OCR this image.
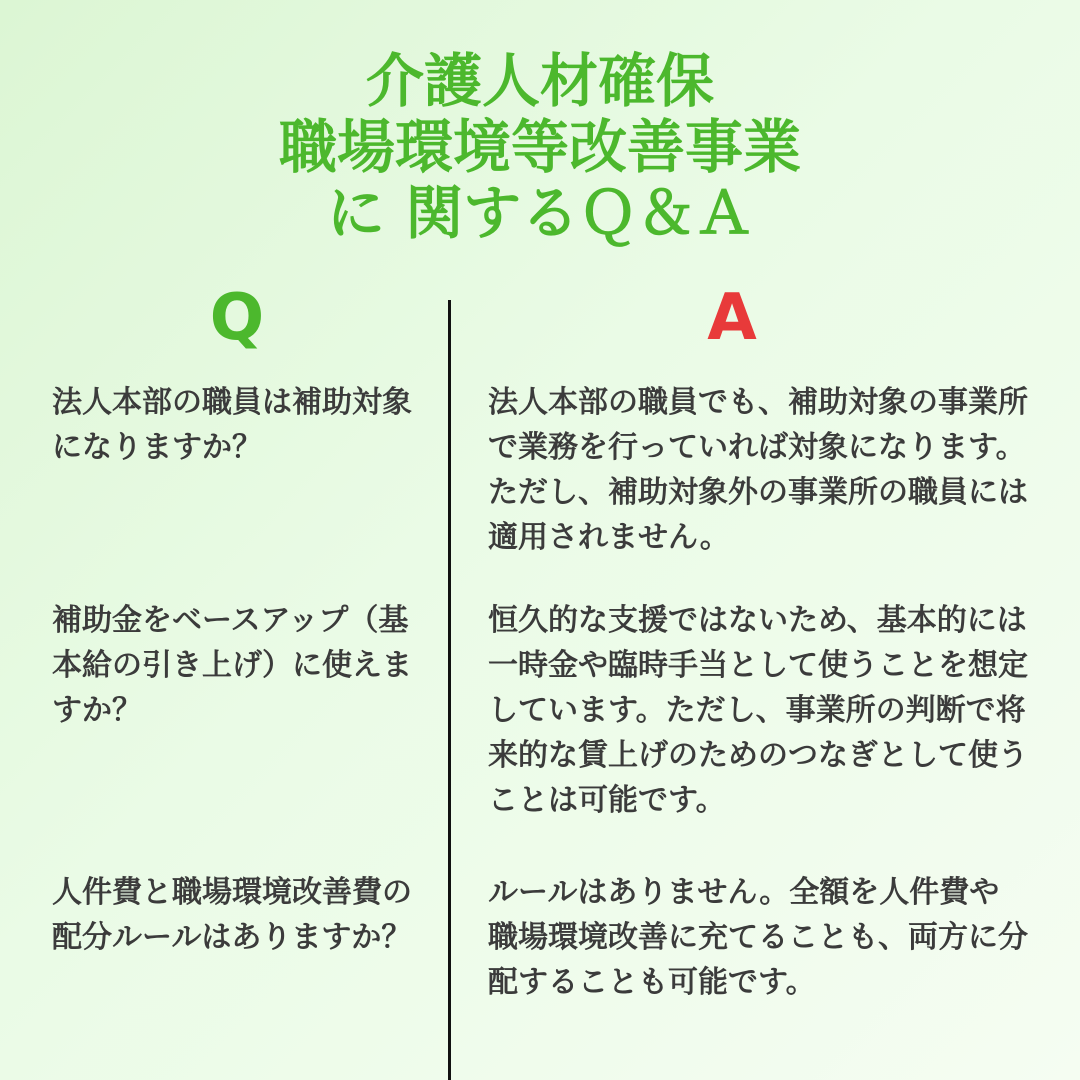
介護人材確保
職場環境等改善事業
に 関するＱ＆Ａ
Q	A
法人本部の職員は補助対象になりますか？
法人本部の職員でも、補助対象の事業所で業務を行っていれば対象になります。ただし、補助対象外の事業所の職員には適用されません。
補助金をベースアップ（基本給の引き上げ）に使えますか？
恒久的な支援ではないため、基本的には一時金や臨時手当として使うことを想定しています。ただし、事業所の判断で将来的な賃上げのためのつなぎとして使うことは可能です。
人件費と職場環境改善費の配分ルールはありますか？
ルールはありません。全額を人件費や職場環境改善に充てることも、両方に分配することも可能です。
